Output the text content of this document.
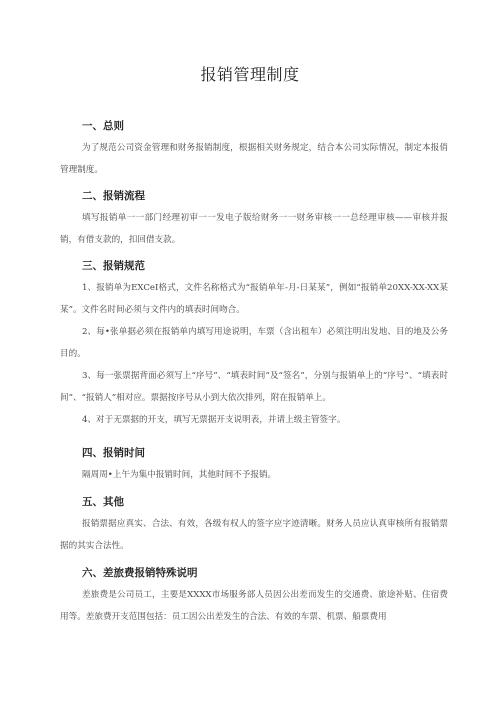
报销管理制度
一、总则
为了规范公司资金管理和财务报销制度，根据相关财务规定，结合本公司实际情况，制定本报俏管理制度。
二、报销流程
填写报销单一一部门经理初审一一发电子版给财务一一财务审核一一总经理审核——审核并报销，有借支款的，扣回借支款。
三、报销规范
1、报销单为EXCeI格式，文件名称格式为“报销单年-月-日某某”，例如“报销单20XX-XX-XX某某”。文件名时间必须与文件内的填表时间吻合。
2、每•张单据必须在报销单内填写用途说明，车票（含出租车）必须注明出发地、目的地及公务目的。
3、每一张票据背面必须写上“序号”、“填表时间”及“签名”，分别与报销单上的“序号”、“填表时间”、“报销人”相对应。票据按序号从小到大依次排列，附在报销单上。
4、对于无票据的开支，填写无票据开支说明表，并请上级主管签字。
四、报销时间
隔周周•上午为集中报销时间，其他时间不予报销。
五、其他
报销票据应真实、合法、有效，各级有权人的签字应字迹清晰。财务人员应认真审核所有报销票据的其实合法性。
六、差旅费报销特殊说明
差旅费是公司员工，主要是XXXX市场服务部人员因公出差而发生的交通费、旅途补贴、住宿费用等。差旅费开支范围包括：员工因公出差发生的合法、有效的车票、机票、船票费用
